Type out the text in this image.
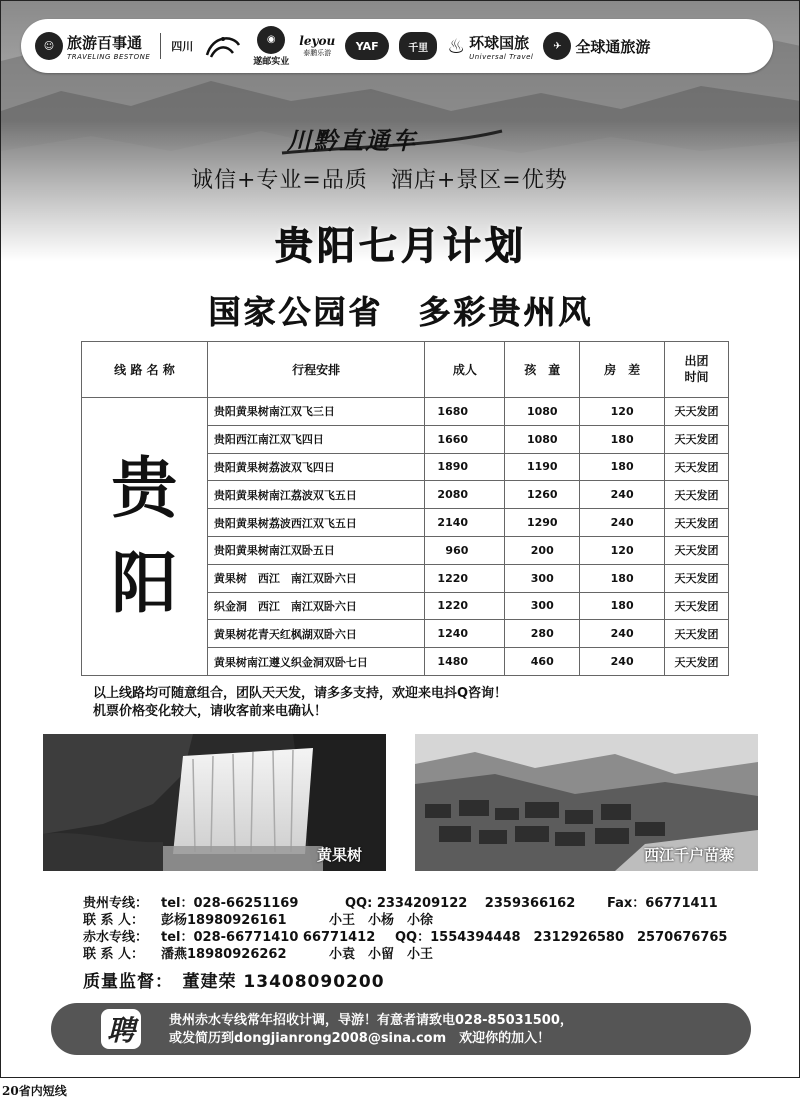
☺ 旅游百事通
TRAVELING BESTONE
四川
◉
遂邮实业
leyou
泰鹏乐游
YAF	千里 ♨ 环球国旅
Universal Travel
✈ 全球通旅游
川黔直通车
诚信+专业=品质　酒店+景区=优势
贵阳七月计划
国家公园省　多彩贵州风
线 路 名 称	行程安排	成人	孩　童	房　差	出团
时间
贵
阳	贵阳黄果树南江双飞三日	1680	1080	120	天天发团
	贵阳西江南江双飞四日	1660	1080	180	天天发团
	贵阳黄果树荔波双飞四日	1890	1190	180	天天发团
	贵阳黄果树南江荔波双飞五日	2080	1260	240	天天发团
	贵阳黄果树荔波西江双飞五日	2140	1290	240	天天发团
	贵阳黄果树南江双卧五日	960	200	120	天天发团
	黄果树　西江　南江双卧六日	1220	300	180	天天发团
	织金洞　西江　南江双卧六日	1220	300	180	天天发团
	黄果树花青天红枫湖双卧六日	1240	280	240	天天发团
	黄果树南江遵义织金洞双卧七日	1480	460	240	天天发团
以上线路均可随意组合，团队天天发，请多多支持，欢迎来电抖Q咨询！
机票价格变化较大，请收客前来电确认！
黄果树	西江千户苗寨
贵州专线： tel：028-66251169	QQ: 2334209122　 2359366162 Fax：66771411
联 系 人： 彭杨18980926161	小王　小杨　小徐
赤水专线： tel：028-66771410 66771412 QQ：1554394448　2312926580　2570676765
联 系 人： 潘燕18980926262	小袁　小留　小王
质量监督：　董建荣 13408090200
聘	贵州赤水专线常年招收计调，导游！有意者请致电028-85031500，
或发简历到dongjianrong2008@sina.com　欢迎你的加入！
20省内短线
